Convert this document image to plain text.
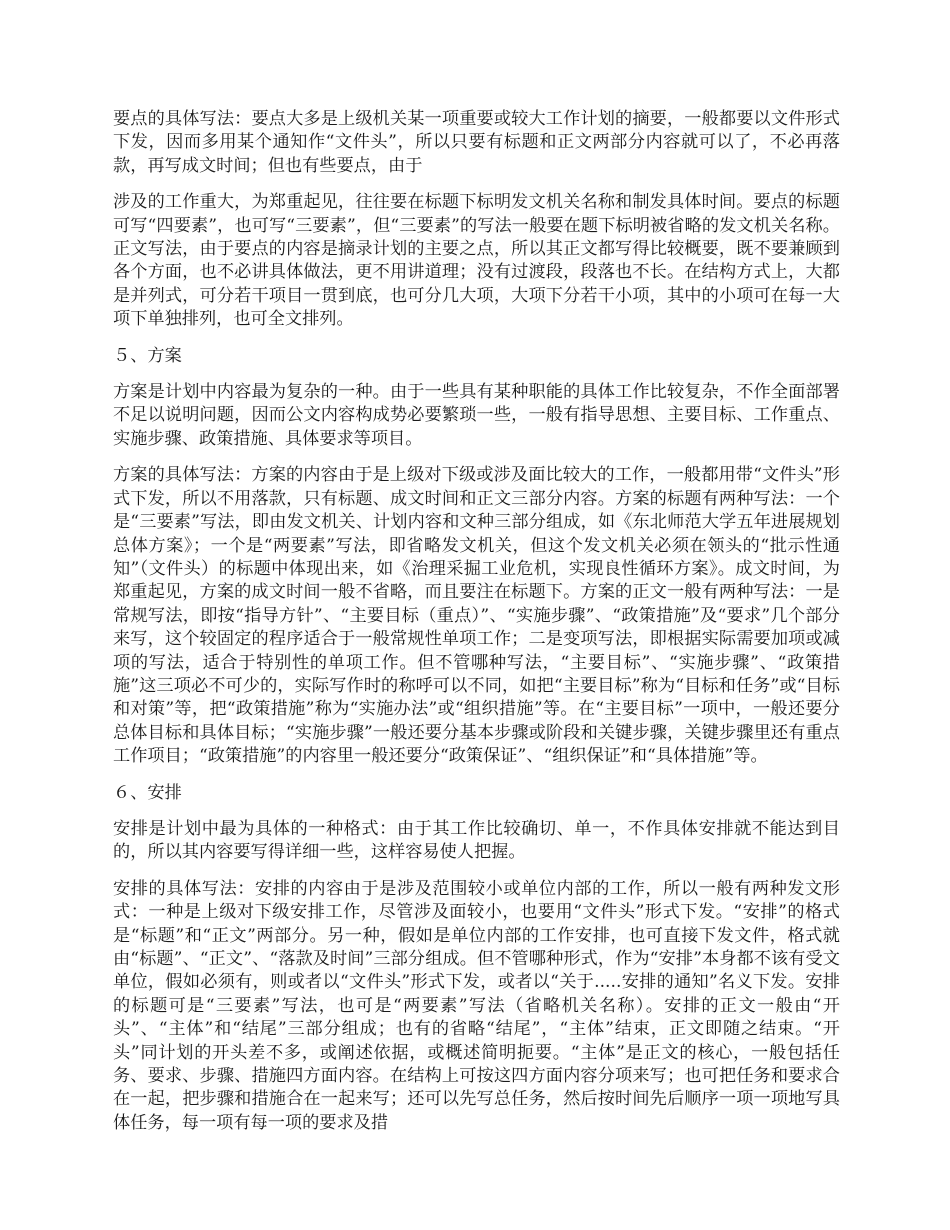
要点的具体写法：要点大多是上级机关某一项重要或较大工作计划的摘要，一般都要以文件形式下发，因而多用某个通知作“文件头”，所以只要有标题和正文两部分内容就可以了，不必再落款，再写成文时间；但也有些要点，由于

涉及的工作重大，为郑重起见，往往要在标题下标明发文机关名称和制发具体时间。要点的标题可写“四要素”，也可写“三要素”，但“三要素”的写法一般要在题下标明被省略的发文机关名称。正文写法，由于要点的内容是摘录计划的主要之点，所以其正文都写得比较概要，既不要兼顾到各个方面，也不必讲具体做法，更不用讲道理；没有过渡段，段落也不长。在结构方式上，大都是并列式，可分若干项目一贯到底，也可分几大项，大项下分若干小项，其中的小项可在每一大项下单独排列，也可全文排列。

５、方案

方案是计划中内容最为复杂的一种。由于一些具有某种职能的具体工作比较复杂，不作全面部署不足以说明问题，因而公文内容构成势必要繁琐一些，一般有指导思想、主要目标、工作重点、实施步骤、政策措施、具体要求等项目。

方案的具体写法：方案的内容由于是上级对下级或涉及面比较大的工作，一般都用带“文件头”形式下发，所以不用落款，只有标题、成文时间和正文三部分内容。方案的标题有两种写法：一个是“三要素”写法，即由发文机关、计划内容和文种三部分组成，如《东北师范大学五年进展规划总体方案》；一个是“两要素”写法，即省略发文机关，但这个发文机关必须在领头的“批示性通知”（文件头）的标题中体现出来，如《治理采掘工业危机，实现良性循环方案》。成文时间，为郑重起见，方案的成文时间一般不省略，而且要注在标题下。方案的正文一般有两种写法：一是常规写法，即按“指导方针”、“主要目标（重点）”、“实施步骤”、“政策措施”及“要求”几个部分来写，这个较固定的程序适合于一般常规性单项工作；二是变项写法，即根据实际需要加项或减项的写法，适合于特别性的单项工作。但不管哪种写法，“主要目标”、“实施步骤”、“政策措施”这三项必不可少的，实际写作时的称呼可以不同，如把“主要目标”称为“目标和任务”或“目标和对策”等，把“政策措施”称为“实施办法”或“组织措施”等。在“主要目标”一项中，一般还要分总体目标和具体目标；“实施步骤”一般还要分基本步骤或阶段和关键步骤，关键步骤里还有重点工作项目；“政策措施”的内容里一般还要分“政策保证”、“组织保证”和“具体措施”等。

６、安排

安排是计划中最为具体的一种格式：由于其工作比较确切、单一，不作具体安排就不能达到目的，所以其内容要写得详细一些，这样容易使人把握。

安排的具体写法：安排的内容由于是涉及范围较小或单位内部的工作，所以一般有两种发文形式：一种是上级对下级安排工作，尽管涉及面较小，也要用“文件头”形式下发。“安排”的格式是“标题”和“正文”两部分。另一种，假如是单位内部的工作安排，也可直接下发文件，格式就由“标题”、“正文”、“落款及时间”三部分组成。但不管哪种形式，作为“安排”本身都不该有受文单位，假如必须有，则或者以“文件头”形式下发，或者以“关于.....安排的通知”名义下发。安排的标题可是“三要素”写法，也可是“两要素”写法（省略机关名称）。安排的正文一般由“开头”、“主体”和“结尾”三部分组成；也有的省略“结尾”，“主体”结束，正文即随之结束。“开头”同计划的开头差不多，或阐述依据，或概述简明扼要。“主体”是正文的核心，一般包括任务、要求、步骤、措施四方面内容。在结构上可按这四方面内容分项来写；也可把任务和要求合在一起，把步骤和措施合在一起来写；还可以先写总任务，然后按时间先后顺序一项一项地写具体任务，每一项有每一项的要求及措
